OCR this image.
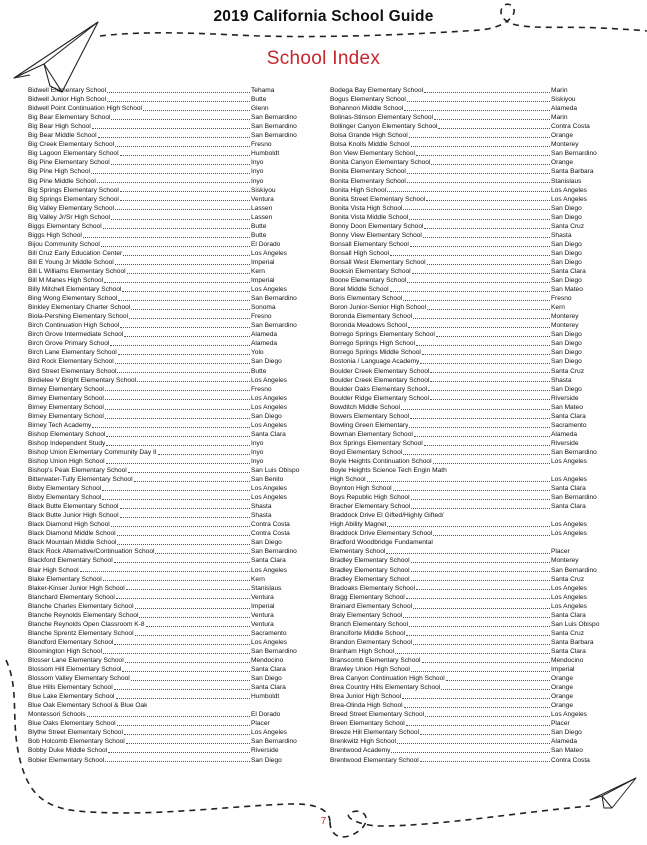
2019 California School Guide
School Index
Bidwell Elementary School	Tehama
Bidwell Junior High School	Butte
Bidwell Point Continuation High School	Glenn
Big Bear Elementary School	San Bernardino
Big Bear High School	San Bernardino
Big Bear Middle School	San Bernardino
Big Creek Elementary School	Fresno
Big Lagoon Elementary School	Humboldt
Big Pine Elementary School	Inyo
Big Pine High School	Inyo
Big Pine Middle School	Inyo
Big Springs Elementary School	Siskiyou
Big Springs Elementary School	Ventura
Big Valley Elementary School	Lassen
Big Valley Jr/Sr High School	Lassen
Biggs Elementary School	Butte
Biggs High School	Butte
Bijou Community School	El Dorado
Bill Cruz Early Education Center	Los Angeles
Bill E Young Jr Middle School	Imperial
Bill L Williams Elementary School	Kern
Bill M Manes High School	Imperial
Billy Mitchell Elementary School	Los Angeles
Bing Wong Elementary School	San Bernardino
Binkley Elementary Charter School	Sonoma
Biola-Pershing Elementary School	Fresno
Birch Continuation High School	San Bernardino
Birch Grove Intermediate School	Alameda
Birch Grove Primary School	Alameda
Birch Lane Elementary School	Yolo
Bird Rock Elementary School	San Diego
Bird Street Elementary School	Butte
Birdielee V Bright Elementary School	Los Angeles
Birney Elementary School	Fresno
Birney Elementary School	Los Angeles
Birney Elementary School	Los Angeles
Birney Elementary School	San Diego
Birney Tech Academy	Los Angeles
Bishop Elementary School	Santa Clara
Bishop Independent Study	Inyo
Bishop Union Elementary Community Day II	Inyo
Bishop Union High School	Inyo
Bishop's Peak Elementary School	San Luis Obispo
Bitterwater-Tully Elementary School	San Benito
Bixby Elementary School	Los Angeles
Bixby Elementary School	Los Angeles
Black Butte Elementary School	Shasta
Black Butte Junior High School	Shasta
Black Diamond High School	Contra Costa
Black Diamond Middle School	Contra Costa
Black Mountain Middle School	San Diego
Black Rock Alternative/Continuation School	San Bernardino
Blackford Elementary School	Santa Clara
Blair High School	Los Angeles
Blake Elementary School	Kern
Blaker-Kinser Junior High School	Stanislaus
Blanchard Elementary School	Ventura
Blanche Charles Elementary School	Imperial
Blanche Reynolds Elementary School	Ventura
Blanche Reynolds Open Classroom K-8	Ventura
Blanche Sprentz Elementary School	Sacramento
Blandford Elementary School	Los Angeles
Bloomington High School	San Bernardino
Blosser Lane Elementary School	Mendocino
Blossom Hill Elementary School	Santa Clara
Blossom Valley Elementary School	San Diego
Blue Hills Elementary School	Santa Clara
Blue Lake Elementary School	Humboldt
Blue Oak Elementary School & Blue Oak
Montessori Schools	El Dorado
Blue Oaks Elementary School	Placer
Blythe Street Elementary School	Los Angeles
Bob Holcomb Elementary School	San Bernardino
Bobby Duke Middle School	Riverside
Bobier Elementary School	San Diego
Bodega Bay Elementary School	Marin
Bogus Elementary School	Siskiyou
Bohannon Middle School	Alameda
Bolinas-Stinson Elementary School	Marin
Bollinger Canyon Elementary School	Contra Costa
Bolsa Grande High School	Orange
Bolsa Knolls Middle School	Monterey
Bon View Elementary School	San Bernardino
Bonita Canyon Elementary School	Orange
Bonita Elementary School	Santa Barbara
Bonita Elementary School	Stanislaus
Bonita High School	Los Angeles
Bonita Street Elementary School	Los Angeles
Bonita Vista High School	San Diego
Bonita Vista Middle School	San Diego
Bonny Doon Elementary School	Santa Cruz
Bonny View Elementary School	Shasta
Bonsall Elementary School	San Diego
Bonsall High School	San Diego
Bonsall West Elementary School	San Diego
Booksin Elementary School	Santa Clara
Boone Elementary School	San Diego
Borel Middle School	San Mateo
Boris Elementary School	Fresno
Boron Junior-Senior High School	Kern
Boronda Elementary School	Monterey
Boronda Meadows School	Monterey
Borrego Springs Elementary School	San Diego
Borrego Springs High School	San Diego
Borrego Springs Middle School	San Diego
Bostonia / Language Academy	San Diego
Boulder Creek Elementary School	Santa Cruz
Boulder Creek Elementary School	Shasta
Boulder Oaks Elementary School	San Diego
Boulder Ridge Elementary School	Riverside
Bowditch Middle School	San Mateo
Bowers Elementary School	Santa Clara
Bowling Green Elementary	Sacramento
Bowman Elementary School	Alameda
Box Springs Elementary School	Riverside
Boyd Elementary School	San Bernardino
Boyle Heights Continuation School	Los Angeles
Boyle Heights Science Tech Engin Math
High School	Los Angeles
Boynton High School	Santa Clara
Boys Republic High School	San Bernardino
Bracher Elementary School	Santa Clara
Braddock Drive El Gifted/Highly Gifted/
High Ability Magnet	Los Angeles
Braddock Drive Elementary School	Los Angeles
Bradford Woodbridge Fundamental
Elementary School	Placer
Bradley Elementary School	Monterey
Bradley Elementary School	San Bernardino
Bradley Elementary School	Santa Cruz
Bradoaks Elementary School	Los Angeles
Bragg Elementary School	Los Angeles
Brainard Elementary School	Los Angeles
Braly Elementary School	Santa Clara
Branch Elementary School	San Luis Obispo
Branciforte Middle School	Santa Cruz
Brandon Elementary School	Santa Barbara
Branham High School	Santa Clara
Branscomb Elementary School	Mendocino
Brawley Union High School	Imperial
Brea Canyon Continuation High School	Orange
Brea Country Hills Elementary School	Orange
Brea Junior High School	Orange
Brea-Olinda High School	Orange
Breed Street Elementary School	Los Angeles
Breen Elementary School	Placer
Breeze Hill Elementary School	San Diego
Brenkwitz High School	Alameda
Brentwood Academy	San Mateo
Brentwood Elementary School	Contra Costa
7
